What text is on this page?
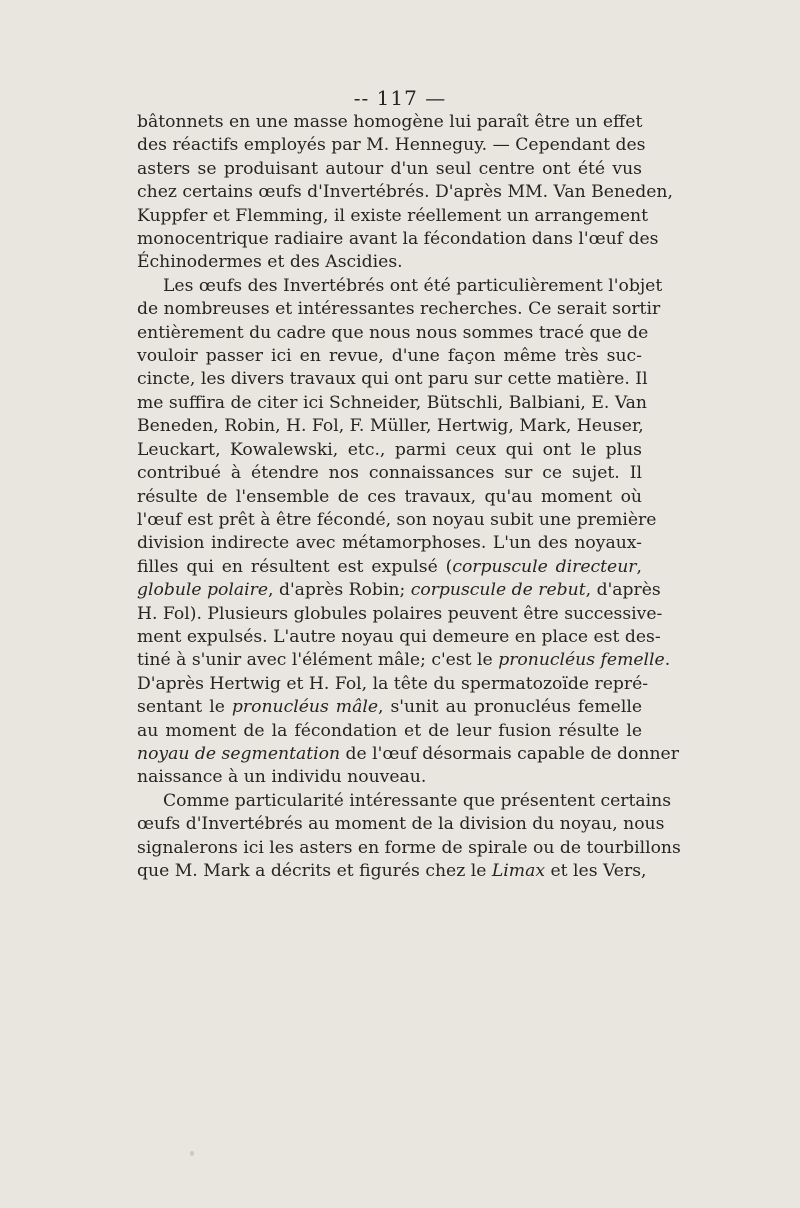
-- 117 —
bâtonnets en une masse homogène lui paraît être un effet
des réactifs employés par M. Henneguy. — Cependant des
asters se produisant autour d'un seul centre ont été vus
chez certains œufs d'Invertébrés. D'après MM. Van Beneden,
Kuppfer et Flemming, il existe réellement un arrangement
monocentrique radiaire avant la fécondation dans l'œuf des
Échinodermes et des Ascidies.
Les œufs des Invertébrés ont été particulièrement l'objet
de nombreuses et intéressantes recherches. Ce serait sortir
entièrement du cadre que nous nous sommes tracé que de
vouloir passer ici en revue, d'une façon même très suc-
cincte, les divers travaux qui ont paru sur cette matière. Il
me suffira de citer ici Schneider, Bütschli, Balbiani, E. Van
Beneden, Robin, H. Fol, F. Müller, Hertwig, Mark, Heuser,
Leuckart, Kowalewski, etc., parmi ceux qui ont le plus
contribué à étendre nos connaissances sur ce sujet. Il
résulte de l'ensemble de ces travaux, qu'au moment où
l'œuf est prêt à être fécondé, son noyau subit une première
division indirecte avec métamorphoses. L'un des noyaux-
filles qui en résultent est expulsé (corpuscule directeur,
globule polaire, d'après Robin; corpuscule de rebut, d'après
H. Fol). Plusieurs globules polaires peuvent être successive-
ment expulsés. L'autre noyau qui demeure en place est des-
tiné à s'unir avec l'élément mâle; c'est le pronucléus femelle.
D'après Hertwig et H. Fol, la tête du spermatozoïde repré-
sentant le pronucléus mâle, s'unit au pronucléus femelle
au moment de la fécondation et de leur fusion résulte le
noyau de segmentation de l'œuf désormais capable de donner
naissance à un individu nouveau.
Comme particularité intéressante que présentent certains
œufs d'Invertébrés au moment de la division du noyau, nous
signalerons ici les asters en forme de spirale ou de tourbillons
que M. Mark a décrits et figurés chez le Limax et les Vers,
